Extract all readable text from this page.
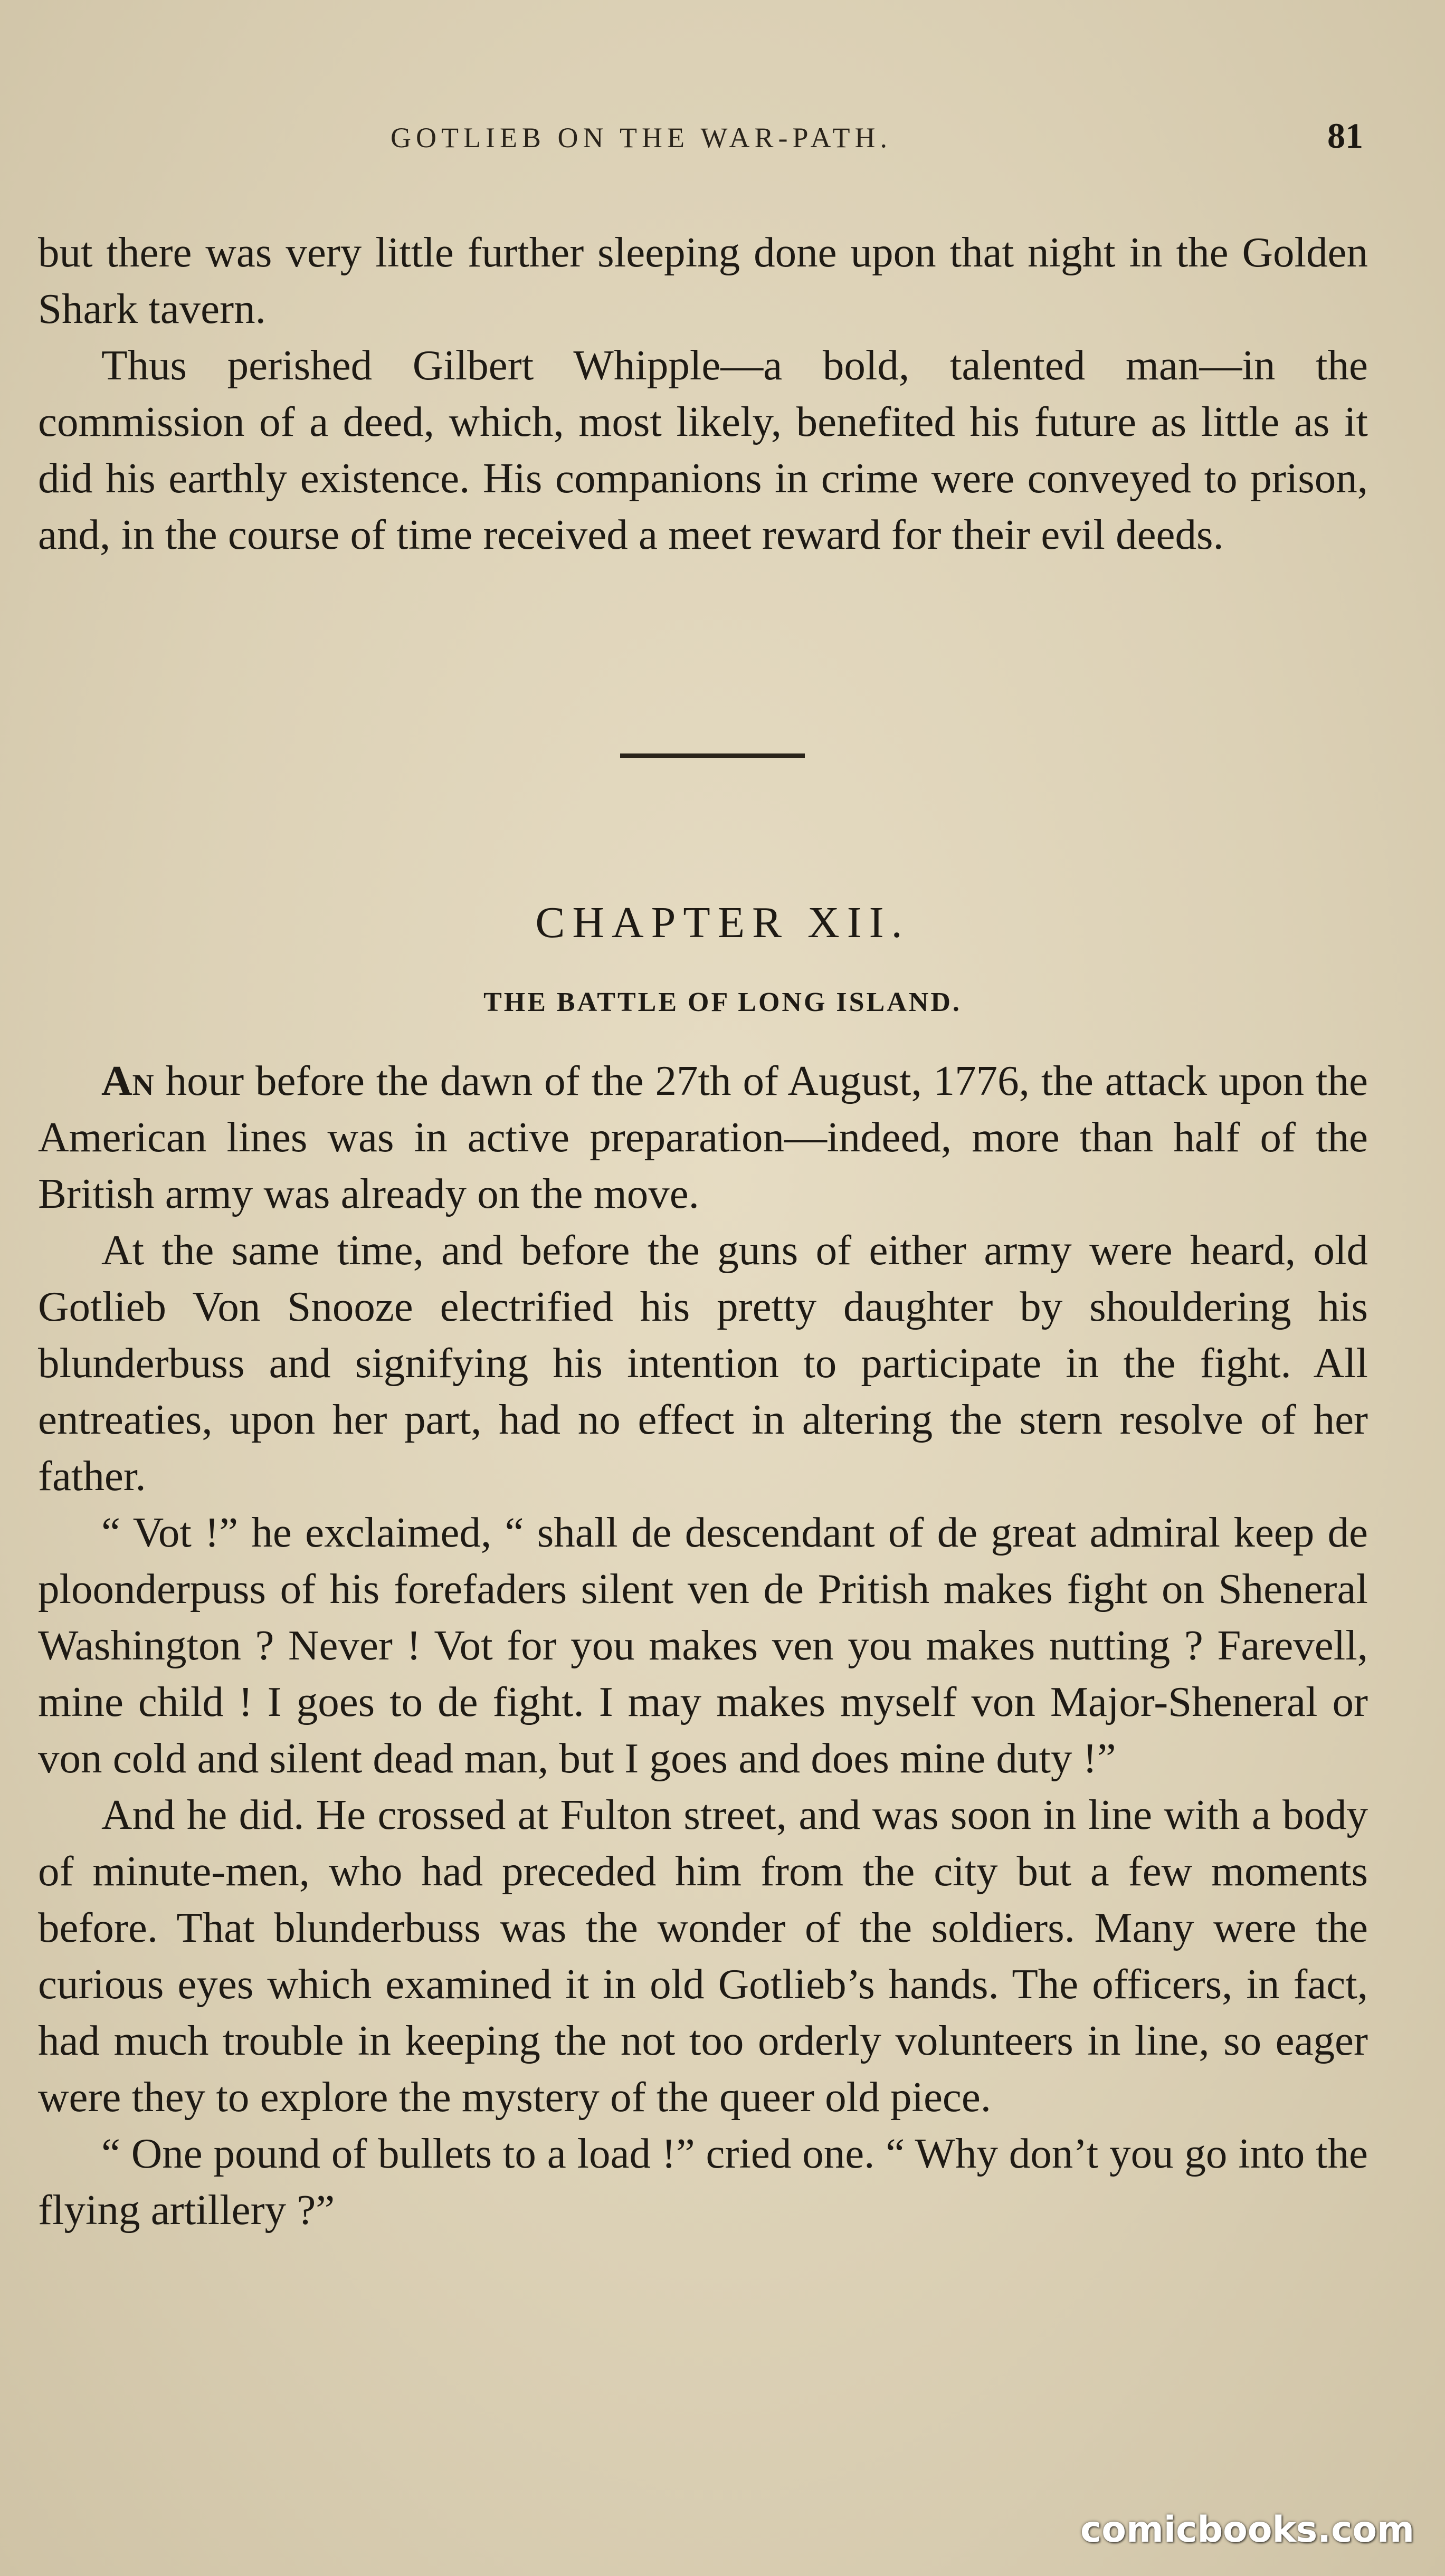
GOTLIEB ON THE WAR-PATH.	81

but there was very little further sleeping done upon that night in the Golden Shark tavern.

Thus perished Gilbert Whipple—a bold, talented man—in the commission of a deed, which, most likely, benefited his future as little as it did his earthly existence. His companions in crime were conveyed to prison, and, in the course of time received a meet reward for their evil deeds.

CHAPTER XII.
THE BATTLE OF LONG ISLAND.

An hour before the dawn of the 27th of August, 1776, the attack upon the American lines was in active preparation—indeed, more than half of the British army was already on the move.

At the same time, and before the guns of either army were heard, old Gotlieb Von Snooze electrified his pretty daughter by shouldering his blunderbuss and signifying his intention to participate in the fight. All entreaties, upon her part, had no effect in altering the stern resolve of her father.

“ Vot !” he exclaimed, “ shall de descendant of de great admiral keep de ploonderpuss of his forefaders silent ven de Pritish makes fight on Sheneral Washington ? Never ! Vot for you makes ven you makes nutting ? Farevell, mine child ! I goes to de fight. I may makes myself von Major-Sheneral or von cold and silent dead man, but I goes and does mine duty !”

And he did. He crossed at Fulton street, and was soon in line with a body of minute-men, who had preceded him from the city but a few moments before. That blunderbuss was the wonder of the soldiers. Many were the curious eyes which examined it in old Gotlieb’s hands. The officers, in fact, had much trouble in keeping the not too orderly volunteers in line, so eager were they to explore the mystery of the queer old piece.

“ One pound of bullets to a load !” cried one. “ Why don’t you go into the flying artillery ?”

comicbooks.com
